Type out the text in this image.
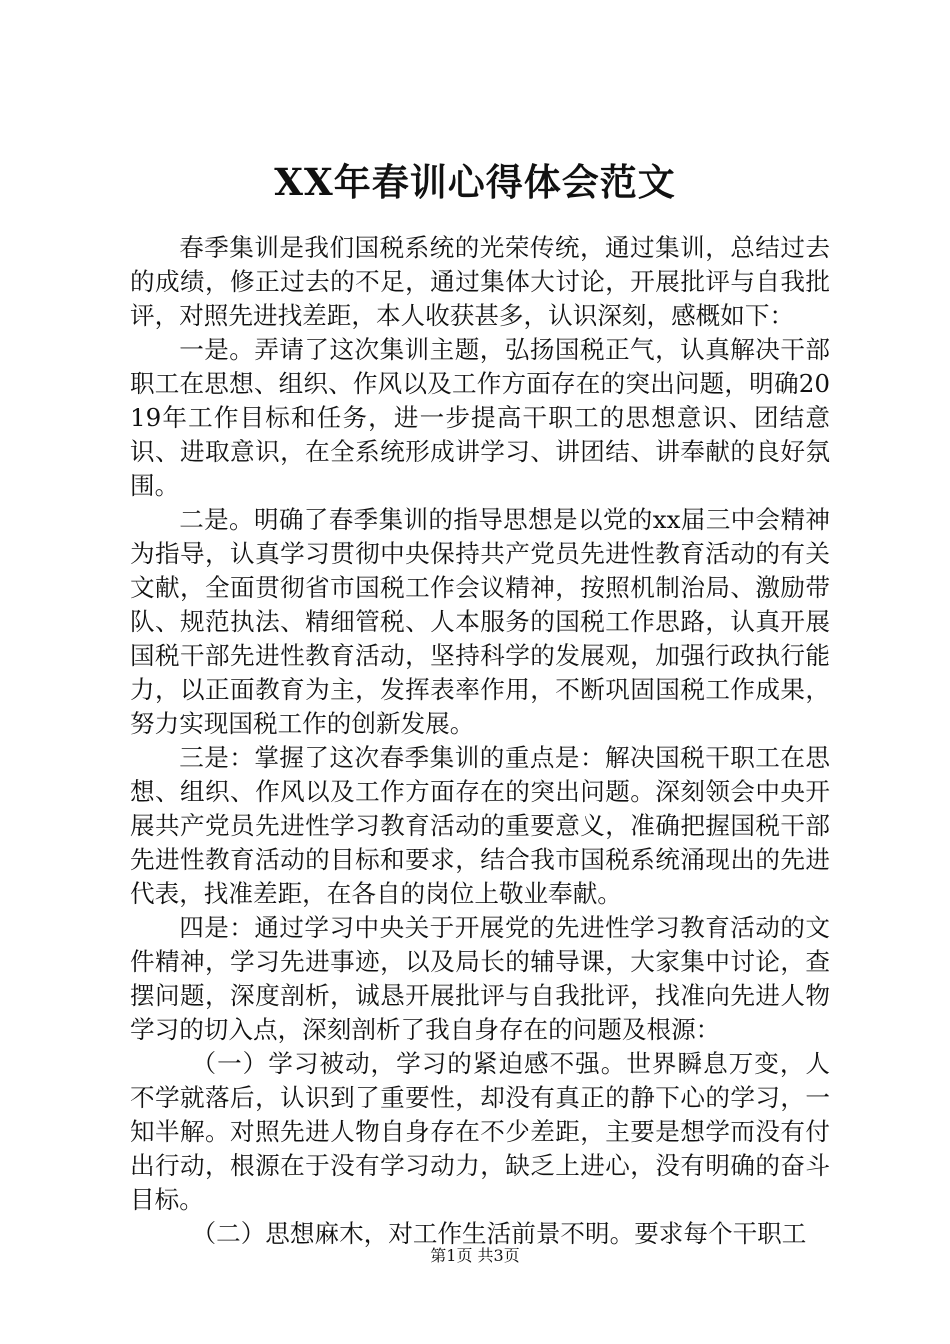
XX年春训心得体会范文

春季集训是我们国税系统的光荣传统，通过集训，总结过去的成绩，修正过去的不足，通过集体大讨论，开展批评与自我批评，对照先进找差距，本人收获甚多，认识深刻，感概如下：

一是。弄请了这次集训主题，弘扬国税正气，认真解决干部职工在思想、组织、作风以及工作方面存在的突出问题，明确2019年工作目标和任务，进一步提高干职工的思想意识、团结意识、进取意识，在全系统形成讲学习、讲团结、讲奉献的良好氛围。

二是。明确了春季集训的指导思想是以党的xx届三中会精神为指导，认真学习贯彻中央保持共产党员先进性教育活动的有关文献，全面贯彻省市国税工作会议精神，按照机制治局、激励带队、规范执法、精细管税、人本服务的国税工作思路，认真开展国税干部先进性教育活动，坚持科学的发展观，加强行政执行能力，以正面教育为主，发挥表率作用，不断巩固国税工作成果，努力实现国税工作的创新发展。

三是：掌握了这次春季集训的重点是：解决国税干职工在思想、组织、作风以及工作方面存在的突出问题。深刻领会中央开展共产党员先进性学习教育活动的重要意义，准确把握国税干部先进性教育活动的目标和要求，结合我市国税系统涌现出的先进代表，找准差距，在各自的岗位上敬业奉献。

四是：通过学习中央关于开展党的先进性学习教育活动的文件精神，学习先进事迹，以及局长的辅导课，大家集中讨论，查摆问题，深度剖析，诚恳开展批评与自我批评，找准向先进人物学习的切入点，深刻剖析了我自身存在的问题及根源：

（一）学习被动，学习的紧迫感不强。世界瞬息万变，人不学就落后，认识到了重要性，却没有真正的静下心的学习，一知半解。对照先进人物自身存在不少差距，主要是想学而没有付出行动，根源在于没有学习动力，缺乏上进心，没有明确的奋斗目标。

（二）思想麻木，对工作生活前景不明。要求每个干职工

第1页 共3页
